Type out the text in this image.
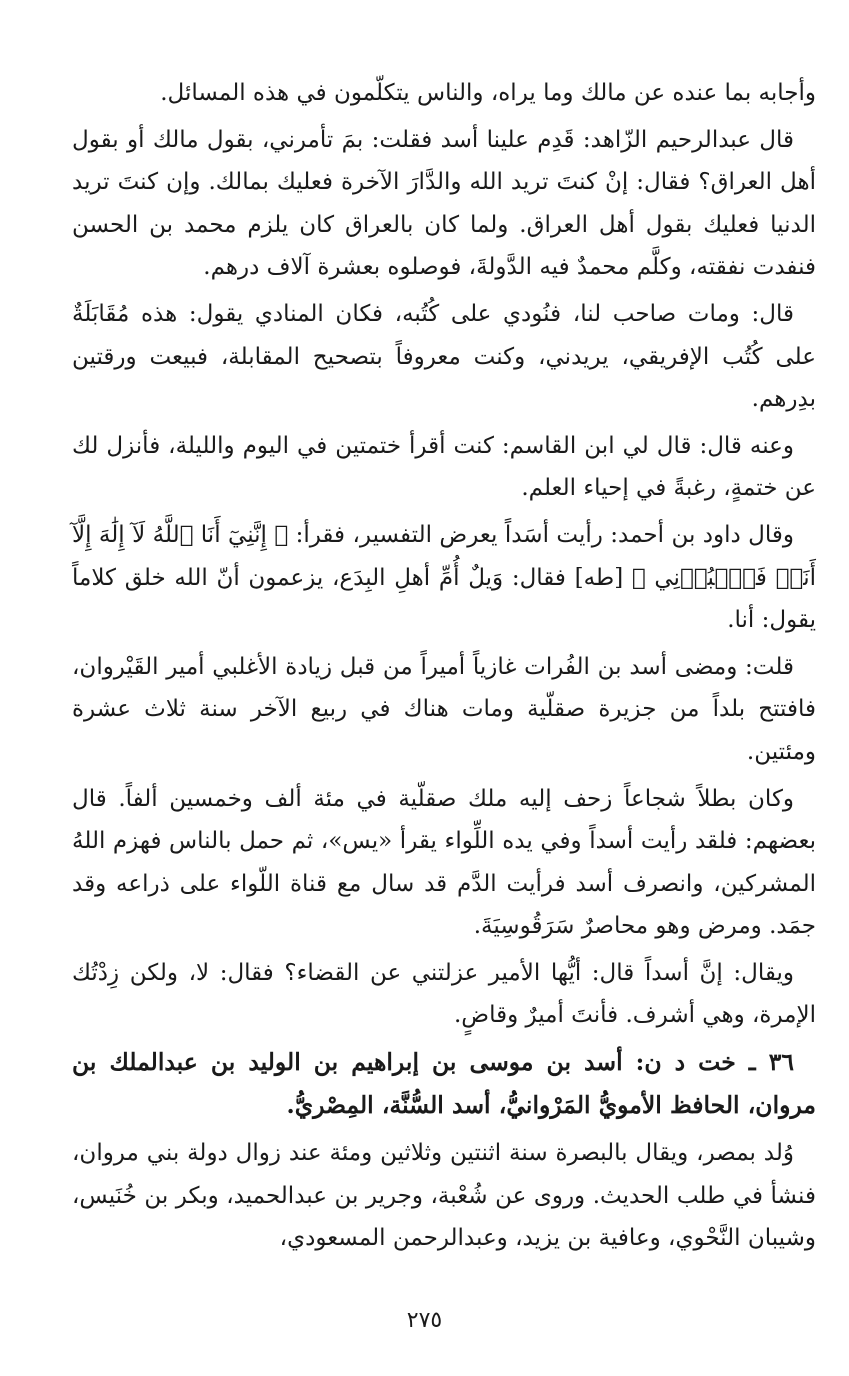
وأجابه بما عنده عن مالك وما يراه، والناس يتكلّمون في هذه المسائل.

قال عبدالرحيم الزّاهد: قَدِم علينا أسد فقلت: بمَ تأمرني، بقول مالك أو بقول أهل العراق؟ فقال: إنْ كنتَ تريد الله والدَّارَ الآخرة فعليك بمالك. وإن كنتَ تريد الدنيا فعليك بقول أهل العراق. ولما كان بالعراق كان يلزم محمد بن الحسن فنفدت نفقته، وكلَّم محمدٌ فيه الدَّولةَ، فوصلوه بعشرة آلاف درهم.

قال: ومات صاحب لنا، فنُودي على كُتُبه، فكان المنادي يقول: هذه مُقَابَلَةٌ على كُتُب الإفريقي، يريدني، وكنت معروفاً بتصحيح المقابلة، فبيعت ورقتين بدِرهم.

وعنه قال: قال لي ابن القاسم: كنت أقرأ ختمتين في اليوم والليلة، فأنزل لك عن ختمةٍ، رغبةً في إحياء العلم.

وقال داود بن أحمد: رأيت أسَداً يعرض التفسير، فقرأ: ﴿ إِنَّنِيٓ أَنَا ٱللَّهُ لَآ إِلَٰهَ إِلَّآ أَنَا۠ فَٱعۡبُدۡنِي ﴾ [طه] فقال: وَيلٌ أُمِّ أهلِ البِدَع، يزعمون أنّ الله خلق كلاماً يقول: أنا.

قلت: ومضى أسد بن الفُرات غازياً أميراً من قبل زيادة الأغلبي أمير القَيْروان، فافتتح بلداً من جزيرة صقلّية ومات هناك في ربيع الآخر سنة ثلاث عشرة ومئتين.

وكان بطلاً شجاعاً زحف إليه ملك صقلّية في مئة ألف وخمسين ألفاً. قال بعضهم: فلقد رأيت أسداً وفي يده اللِّواء يقرأ «يس»، ثم حمل بالناس فهزم اللهُ المشركين، وانصرف أسد فرأيت الدَّم قد سال مع قناة اللّواء على ذراعه وقد جمَد. ومرض وهو محاصرٌ سَرَقُوسِيَةَ.

ويقال: إنَّ أسداً قال: أيُّها الأمير عزلتني عن القضاء؟ فقال: لا، ولكن زِدْتُك الإمرة، وهي أشرف. فأنتَ أميرٌ وقاضٍ.

٣٦ ـ خت د ن: أسد بن موسى بن إبراهيم بن الوليد بن عبدالملك بن مروان، الحافظ الأمويُّ المَرْوانيُّ، أسد السُّنَّة، المِصْريُّ.

وُلد بمصر، ويقال بالبصرة سنة اثنتين وثلاثين ومئة عند زوال دولة بني مروان، فنشأ في طلب الحديث. وروى عن شُعْبة، وجرير بن عبدالحميد، وبكر بن خُنَيس، وشيبان النَّحْوي، وعافية بن يزيد، وعبدالرحمن المسعودي،

٢٧٥
